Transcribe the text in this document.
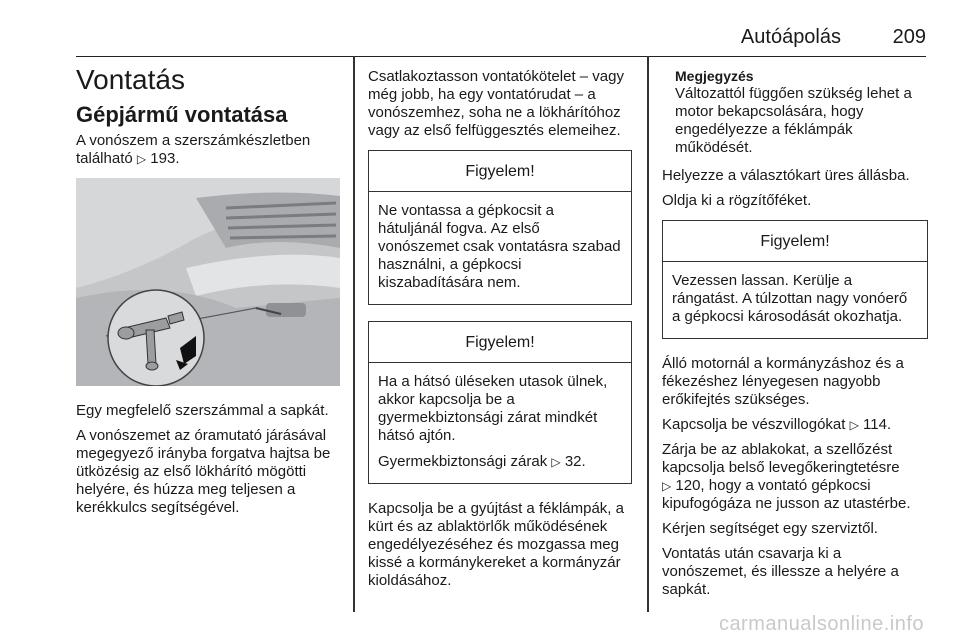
Autóápolás	209
Vontatás
Gépjármű vontatása

A vonószem a szerszámkészletben található ▷ 193.

Egy megfelelő szerszámmal a sapkát.

A vonószemet az óramutató járásával megegyező irányba forgatva hajtsa be ütközésig az első lökhárító mögötti helyére, és húzza meg teljesen a kerékkulcs segítségével.

Csatlakoztasson vontatókötelet – vagy még jobb, ha egy vontatórudat – a vonószemhez, soha ne a lökhárítóhoz vagy az első felfüggesztés elemeihez.

Figyelem!

Ne vontassa a gépkocsit a hátuljánál fogva. Az első vonószemet csak vontatásra szabad használni, a gépkocsi kiszabadítására nem.

Figyelem!

Ha a hátsó üléseken utasok ülnek, akkor kapcsolja be a gyermekbiztonsági zárat mindkét hátsó ajtón.

Gyermekbiztonsági zárak ▷ 32.

Kapcsolja be a gyújtást a féklámpák, a kürt és az ablaktörlők működésének engedélyezéséhez és mozgassa meg kissé a kormánykereket a kormányzár kioldásához.

Megjegyzés

Változattól függően szükség lehet a motor bekapcsolására, hogy engedélyezze a féklámpák működését.

Helyezze a választókart üres állásba.

Oldja ki a rögzítőféket.

Figyelem!

Vezessen lassan. Kerülje a rángatást. A túlzottan nagy vonóerő a gépkocsi károsodását okozhatja.

Álló motornál a kormányzáshoz és a fékezéshez lényegesen nagyobb erőkifejtés szükséges.

Kapcsolja be vészvillogókat ▷ 114.

Zárja be az ablakokat, a szellőzést kapcsolja belső levegőkeringtetésre
▷ 120, hogy a vontató gépkocsi kipufogógáza ne jusson az utastérbe.

Kérjen segítséget egy szerviztől.

Vontatás után csavarja ki a vonószemet, és illessze a helyére a sapkát.

carmanualsonline.info
